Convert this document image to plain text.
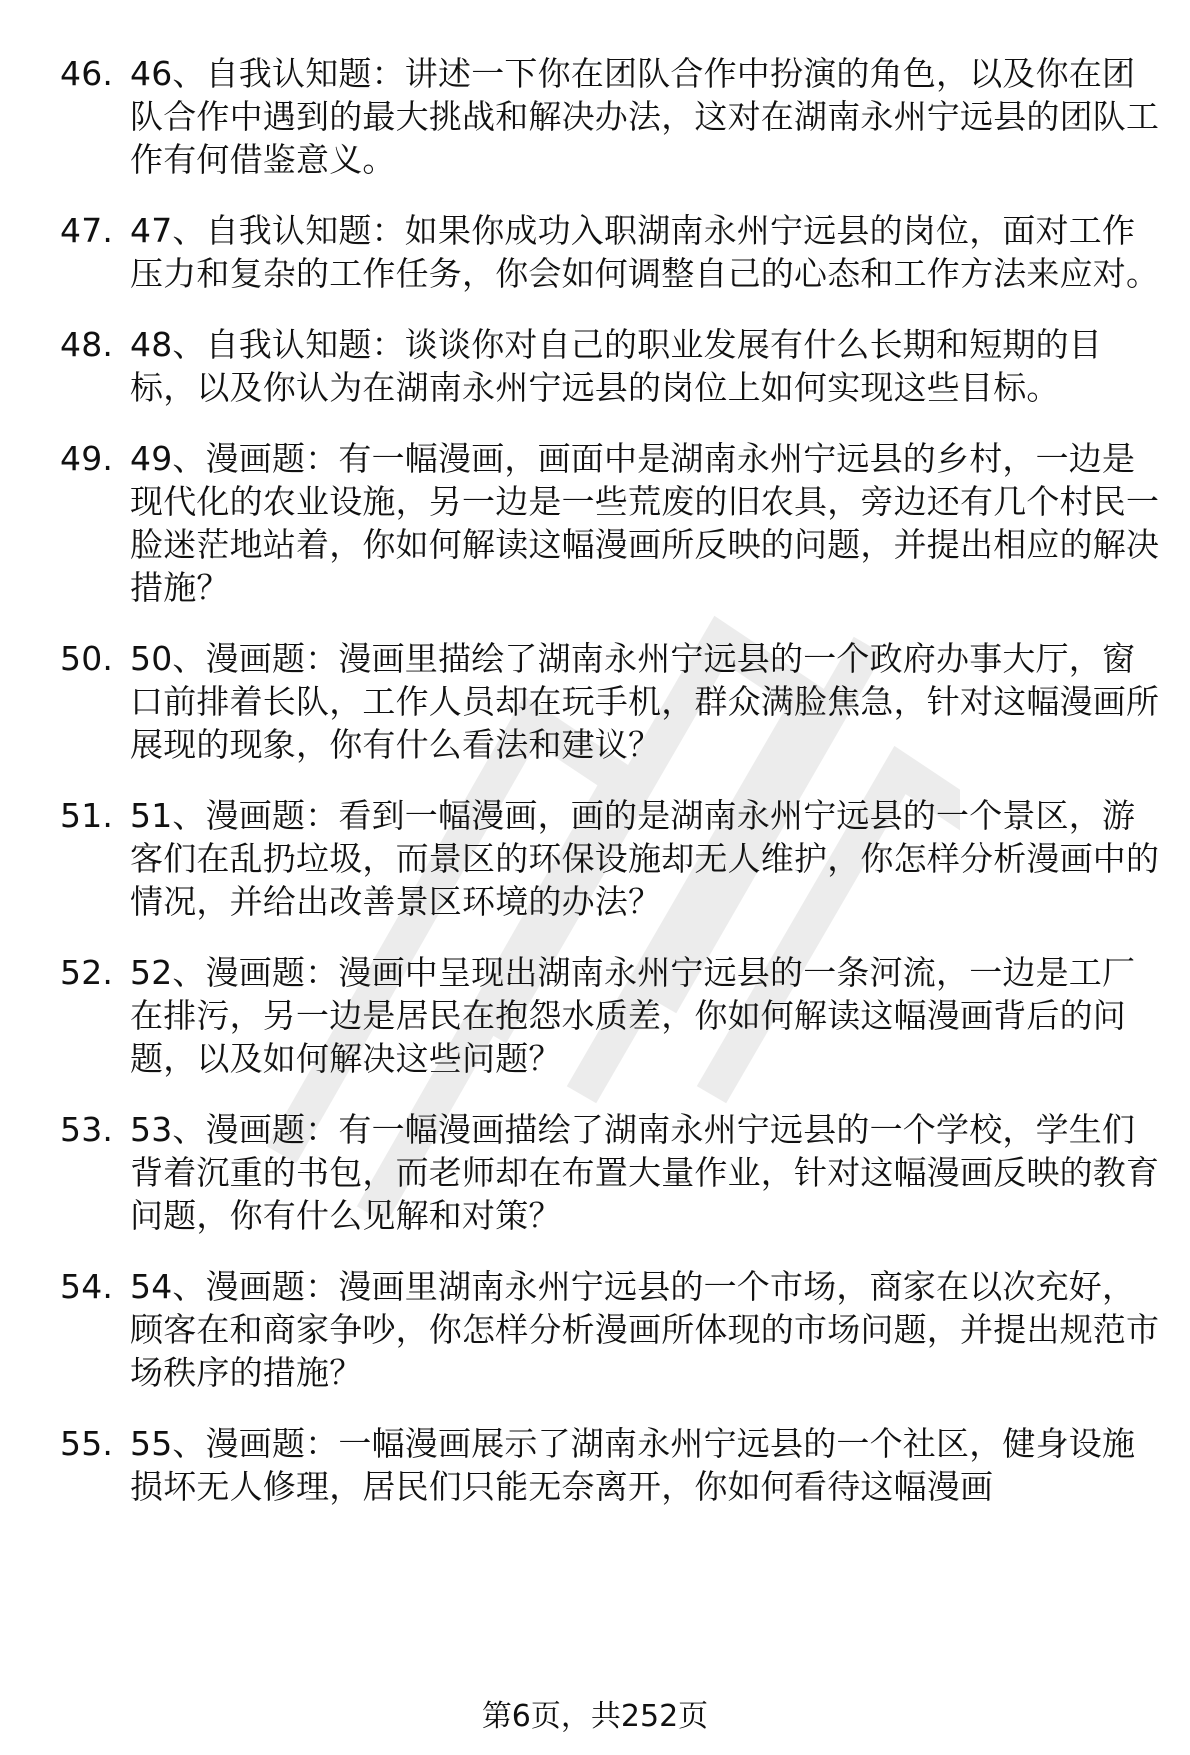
46. 46、自我认知题：讲述一下你在团队合作中扮演的角色，以及你在团队合作中遇到的最大挑战和解决办法，这对在湖南永州宁远县的团队工作有何借鉴意义。
47. 47、自我认知题：如果你成功入职湖南永州宁远县的岗位，面对工作压力和复杂的工作任务，你会如何调整自己的心态和工作方法来应对。
48. 48、自我认知题：谈谈你对自己的职业发展有什么长期和短期的目标，以及你认为在湖南永州宁远县的岗位上如何实现这些目标。
49. 49、漫画题：有一幅漫画，画面中是湖南永州宁远县的乡村，一边是现代化的农业设施，另一边是一些荒废的旧农具，旁边还有几个村民一脸迷茫地站着，你如何解读这幅漫画所反映的问题，并提出相应的解决措施？
50. 50、漫画题：漫画里描绘了湖南永州宁远县的一个政府办事大厅，窗口前排着长队，工作人员却在玩手机，群众满脸焦急，针对这幅漫画所展现的现象，你有什么看法和建议？
51. 51、漫画题：看到一幅漫画，画的是湖南永州宁远县的一个景区，游客们在乱扔垃圾，而景区的环保设施却无人维护，你怎样分析漫画中的情况，并给出改善景区环境的办法？
52. 52、漫画题：漫画中呈现出湖南永州宁远县的一条河流，一边是工厂在排污，另一边是居民在抱怨水质差，你如何解读这幅漫画背后的问题，以及如何解决这些问题？
53. 53、漫画题：有一幅漫画描绘了湖南永州宁远县的一个学校，学生们背着沉重的书包，而老师却在布置大量作业，针对这幅漫画反映的教育问题，你有什么见解和对策？
54. 54、漫画题：漫画里湖南永州宁远县的一个市场，商家在以次充好，顾客在和商家争吵，你怎样分析漫画所体现的市场问题，并提出规范市场秩序的措施？
55. 55、漫画题：一幅漫画展示了湖南永州宁远县的一个社区，健身设施损坏无人修理，居民们只能无奈离开，你如何看待这幅漫画
第6页，共252页
